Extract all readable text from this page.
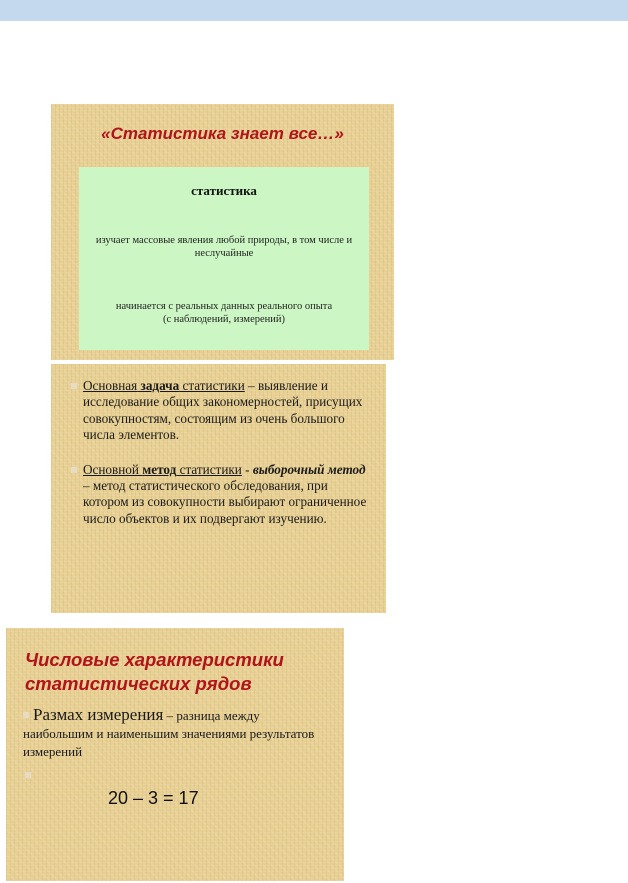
«Статистика знает все…»
статистика
изучает массовые явления любой природы, в том числе и неслучайные
начинается с реальных данных реального опыта
(с наблюдений, измерений)
Основная задача статистики – выявление и исследование общих закономерностей, присущих совокупностям, состоящим из очень большого числа элементов.
Основной метод статистики - выборочный метод – метод статистического обследования, при котором из совокупности выбирают ограниченное число объектов и их подвергают изучению.
Числовые характеристики
статистических рядов
Размах измерения – разница между наибольшим и наименьшим значениями результатов измерений
20 – 3 = 17
